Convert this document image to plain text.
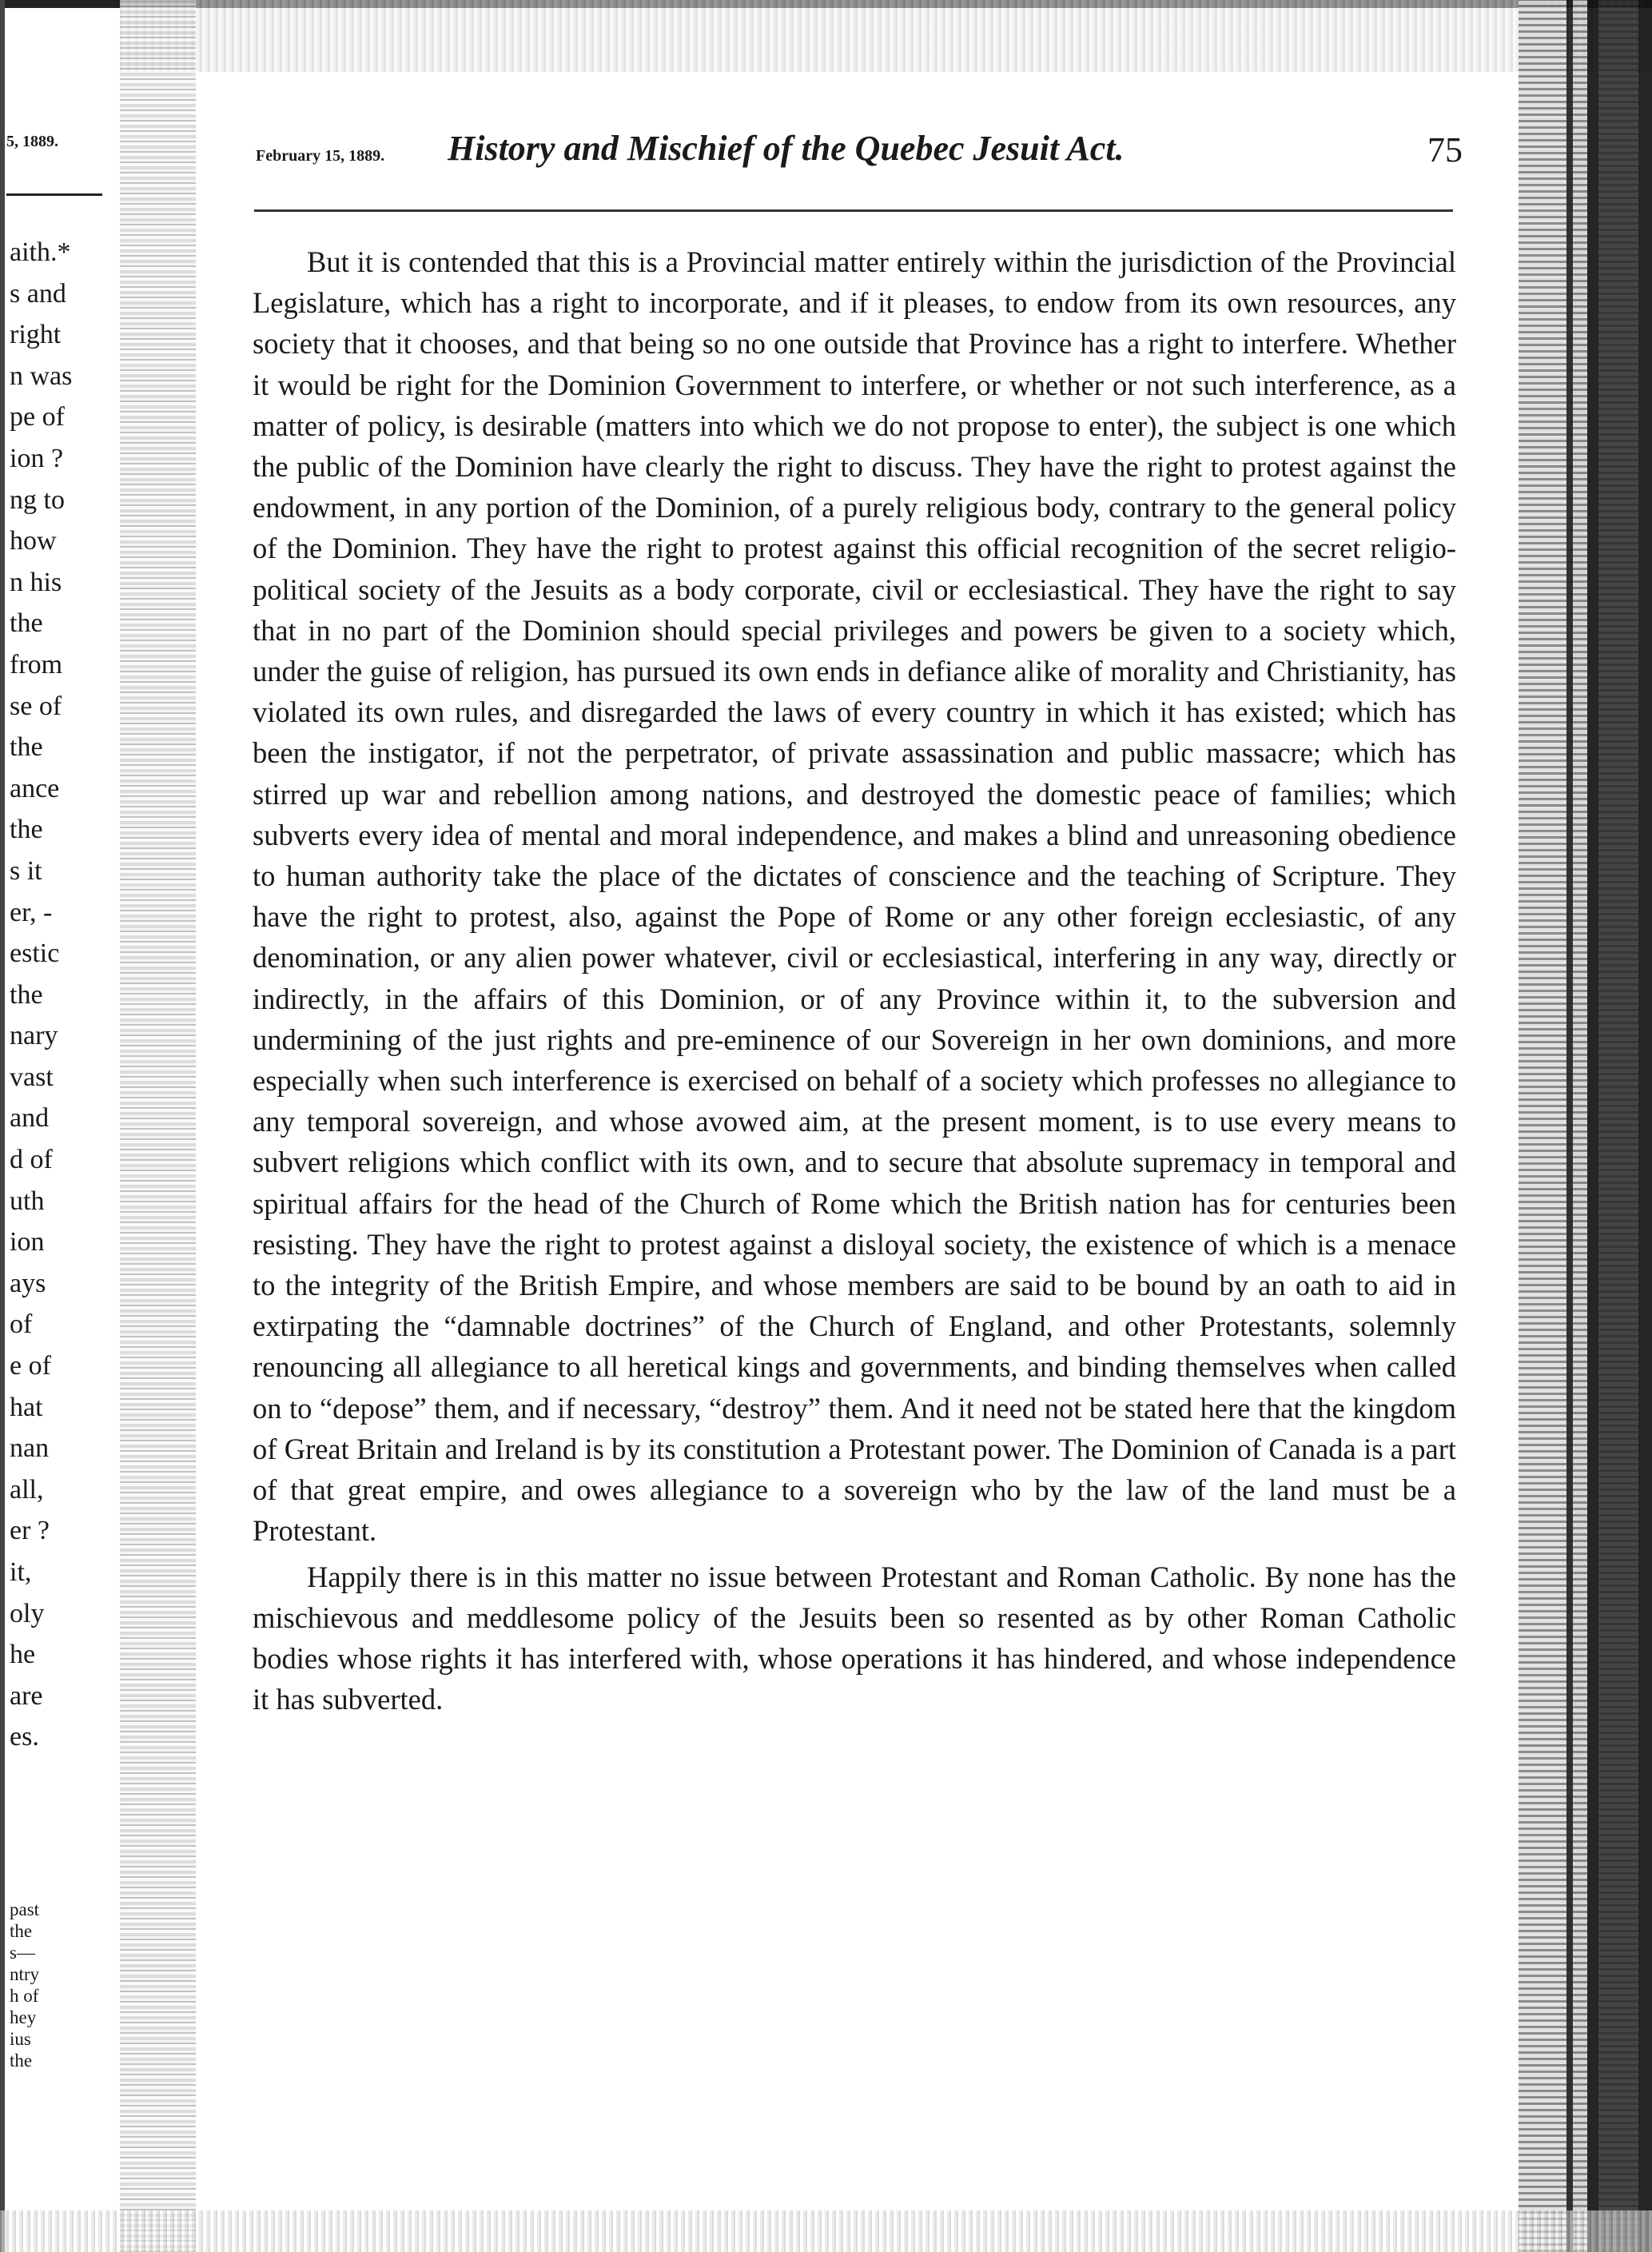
5, 1889.
aith.*
s and
right
n was
pe of
ion ?
ng to
how
n his
the
from
se of
the
ance
the
s it
er, -
estic
the
nary
vast
and
d of
uth
ion
ays
of
e of
hat
nan
all,
er ?
it,
oly
he
are
es.
past
the
s—
ntry
h of
hey
ius
the
February 15, 1889. History and Mischief of the Quebec Jesuit Act.	75

But it is contended that this is a Provincial matter entirely within the jurisdiction of the Provincial Legislature, which has a right to incorporate, and if it pleases, to endow from its own resources, any society that it chooses, and that being so no one outside that Province has a right to interfere. Whether it would be right for the Dominion Government to interfere, or whether or not such interference, as a matter of policy, is desirable (matters into which we do not propose to enter), the subject is one which the public of the Dominion have clearly the right to discuss. They have the right to protest against the endowment, in any portion of the Dominion, of a purely religious body, contrary to the general policy of the Dominion. They have the right to protest against this official recognition of the secret religio-political society of the Jesuits as a body corporate, civil or ecclesiastical. They have the right to say that in no part of the Dominion should special privileges and powers be given to a society which, under the guise of religion, has pursued its own ends in defiance alike of morality and Christianity, has violated its own rules, and disregarded the laws of every country in which it has existed; which has been the instigator, if not the perpetrator, of private assassination and public massacre; which has stirred up war and rebellion among nations, and destroyed the domestic peace of families; which subverts every idea of mental and moral independence, and makes a blind and unreasoning obedience to human authority take the place of the dictates of conscience and the teaching of Scripture. They have the right to protest, also, against the Pope of Rome or any other foreign ecclesiastic, of any denomination, or any alien power whatever, civil or ecclesiastical, interfering in any way, directly or indirectly, in the affairs of this Dominion, or of any Province within it, to the subversion and undermining of the just rights and pre-eminence of our Sovereign in her own dominions, and more especially when such interference is exercised on behalf of a society which professes no allegiance to any temporal sovereign, and whose avowed aim, at the present moment, is to use every means to subvert religions which conflict with its own, and to secure that absolute supremacy in temporal and spiritual affairs for the head of the Church of Rome which the British nation has for centuries been resisting. They have the right to protest against a disloyal society, the existence of which is a menace to the integrity of the British Empire, and whose members are said to be bound by an oath to aid in extirpating the “damnable doctrines” of the Church of England, and other Protestants, solemnly renouncing all allegiance to all heretical kings and governments, and binding themselves when called on to “depose” them, and if necessary, “destroy” them. And it need not be stated here that the kingdom of Great Britain and Ireland is by its constitution a Protestant power. The Dominion of Canada is a part of that great empire, and owes allegiance to a sovereign who by the law of the land must be a Protestant.

Happily there is in this matter no issue between Protestant and Roman Catholic. By none has the mischievous and meddlesome policy of the Jesuits been so resented as by other Roman Catholic bodies whose rights it has interfered with, whose operations it has hindered, and whose independence it has subverted.
